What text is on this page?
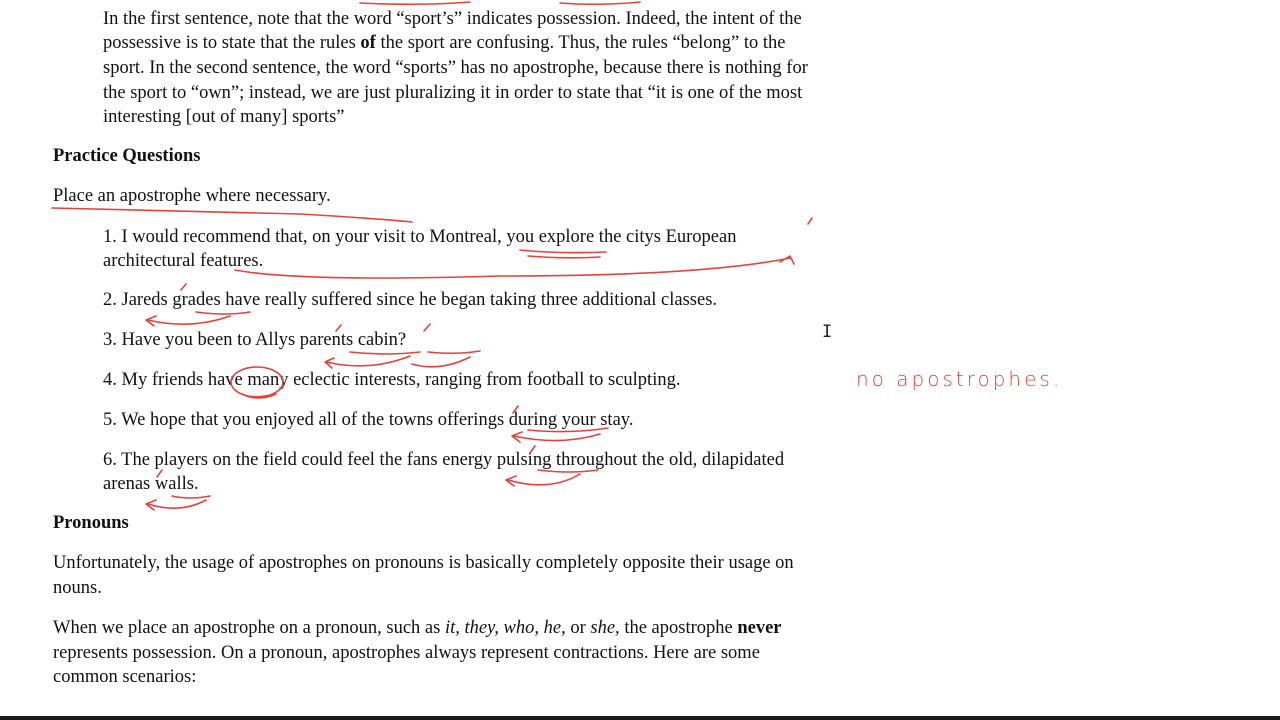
In the first sentence, note that the word “sport’s” indicates possession. Indeed, the intent of the
possessive is to state that the rules of the sport are confusing. Thus, the rules “belong” to the
sport. In the second sentence, the word “sports” has no apostrophe, because there is nothing for
the sport to “own”; instead, we are just pluralizing it in order to state that “it is one of the most
interesting [out of many] sports”
Practice Questions
Place an apostrophe where necessary.
1. I would recommend that, on your visit to Montreal, you explore the citys European
architectural features.
2. Jareds grades have really suffered since he began taking three additional classes.
3. Have you been to Allys parents cabin?
4. My friends have many eclectic interests, ranging from football to sculpting.
5. We hope that you enjoyed all of the towns offerings during your stay.
6. The players on the field could feel the fans energy pulsing throughout the old, dilapidated
arenas walls.
Pronouns
Unfortunately, the usage of apostrophes on pronouns is basically completely opposite their usage on
nouns.
When we place an apostrophe on a pronoun, such as it, they, who, he, or she, the apostrophe never
represents possession. On a pronoun, apostrophes always represent contractions. Here are some
common scenarios:
no apostrophes.
I
